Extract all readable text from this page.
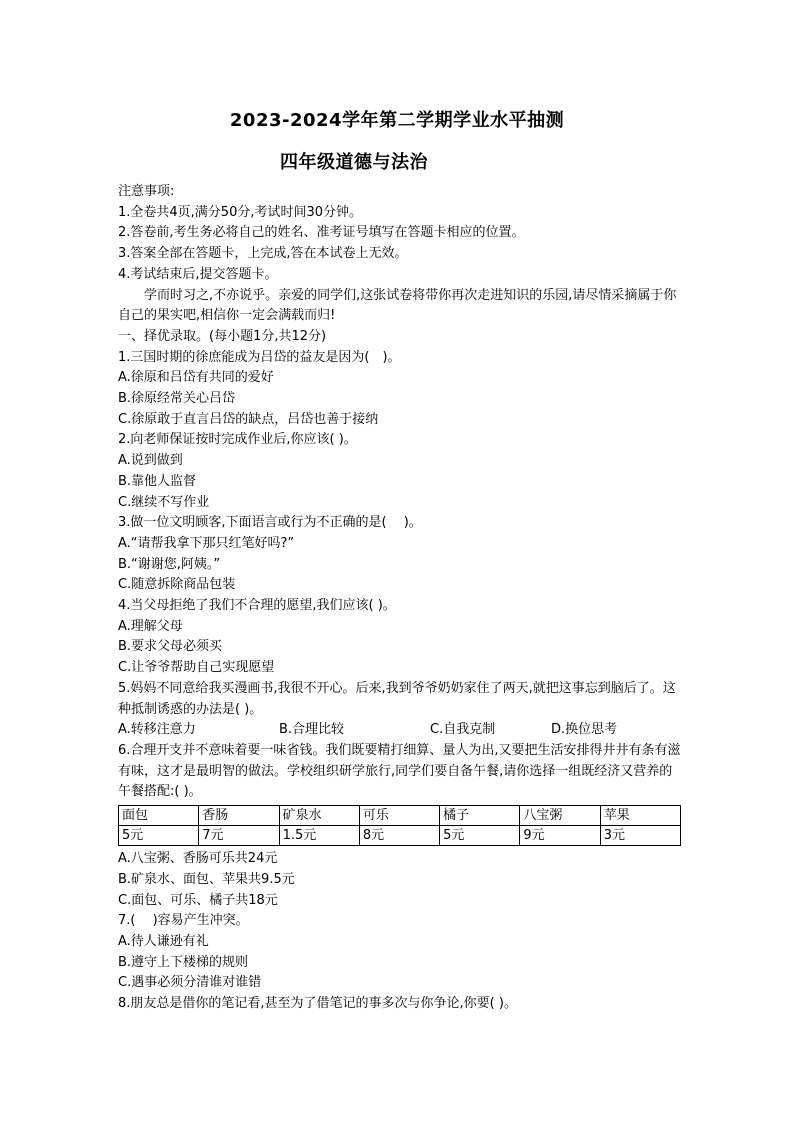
2023-2024学年第二学期学业水平抽测
四年级道德与法治
注意事项:
1.全卷共4页,满分50分,考试时间30分钟。
2.答卷前,考生务必将自己的姓名、准考证号填写在答题卡相应的位置。
3.答案全部在答题卡，上完成,答在本试卷上无效。
4.考试结束后,提交答题卡。
学而时习之,不亦说乎。亲爱的同学们,这张试卷将带你再次走进知识的乐园,请尽情采摘属于你自己的果实吧,相信你一定会满载而归!
一、择优录取。(每小题1分,共12分)
1.三国时期的徐庶能成为吕岱的益友是因为(　)。
A.徐原和吕岱有共同的爱好
B.徐原经常关心吕岱
C.徐原敢于直言吕岱的缺点，吕岱也善于接纳
2.向老师保证按时完成作业后,你应该( )。
A.说到做到
B.靠他人监督
C.继续不写作业
3.做一位文明顾客,下面语言或行为不正确的是(　 )。
A.“请帮我拿下那只红笔好吗?”
B.“谢谢您,阿姨。”
C.随意拆除商品包装
4.当父母拒绝了我们不合理的愿望,我们应该( )。
A.理解父母
B.要求父母必须买
C.让爷爷帮助自己实现愿望
5.妈妈不同意给我买漫画书,我很不开心。后来,我到爷爷奶奶家住了两天,就把这事忘到脑后了。这种抵制诱惑的办法是( )。
A.转移注意力	B.合理比较	C.自我克制	D.换位思考
6.合理开支并不意味着要一味省钱。我们既要精打细算、量人为出,又要把生活安排得井井有条有滋有味，这才是最明智的做法。学校组织研学旅行,同学们要自备午餐,请你选择一组既经济又营养的午餐搭配:( )。
面包	香肠	矿泉水	可乐	橘子	八宝粥	苹果
5元	7元	1.5元	8元	5元	9元	3元
A.八宝粥、香肠可乐共24元
B.矿泉水、面包、苹果共9.5元
C.面包、可乐、橘子共18元
7.(　 )容易产生冲突。
A.待人谦逊有礼
B.遵守上下楼梯的规则
C.遇事必须分清谁对谁错
8.朋友总是借你的笔记看,甚至为了借笔记的事多次与你争论,你要( )。
